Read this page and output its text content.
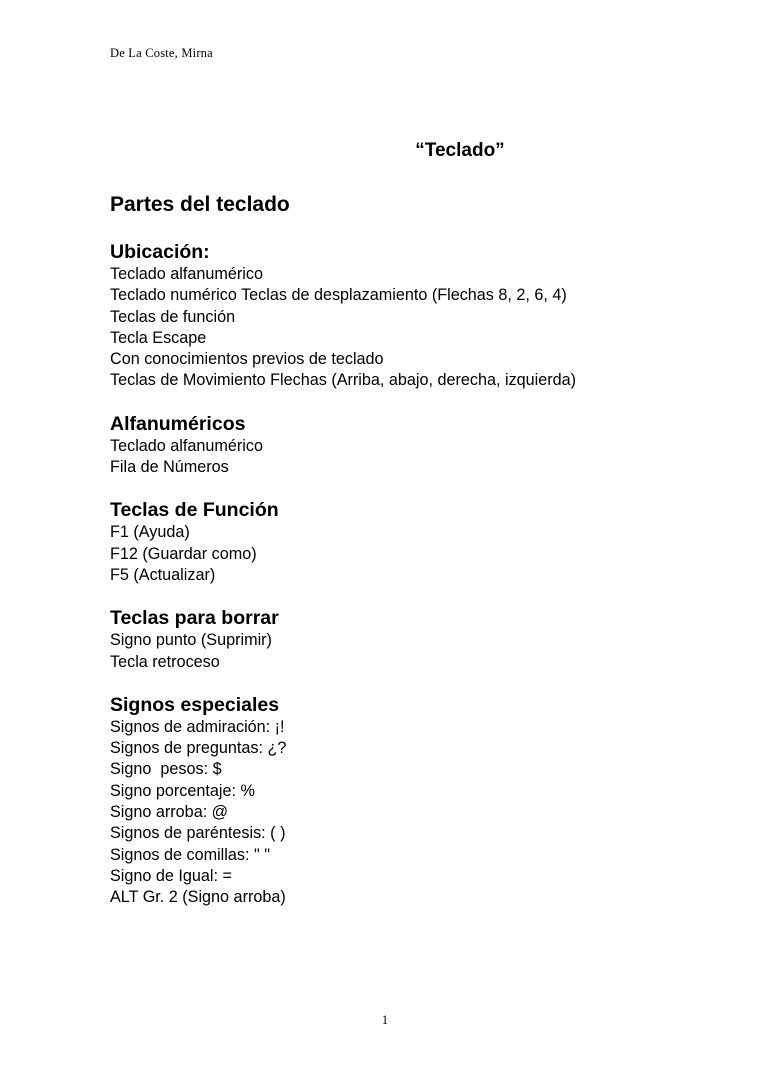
De La Coste, Mirna
“Teclado”
Partes del teclado
Ubicación:
Teclado alfanumérico
Teclado numérico Teclas de desplazamiento (Flechas 8, 2, 6, 4)
Teclas de función
Tecla Escape
Con conocimientos previos de teclado
Teclas de Movimiento Flechas (Arriba, abajo, derecha, izquierda)
Alfanuméricos
Teclado alfanumérico
Fila de Números
Teclas de Función
F1 (Ayuda)
F12 (Guardar como)
F5 (Actualizar)
Teclas para borrar
Signo punto (Suprimir)
Tecla retroceso
Signos especiales
Signos de admiración: ¡!
Signos de preguntas: ¿?
Signo  pesos: $
Signo porcentaje: %
Signo arroba: @
Signos de paréntesis: ( )
Signos de comillas: " "
Signo de Igual: =
ALT Gr. 2 (Signo arroba)
1
